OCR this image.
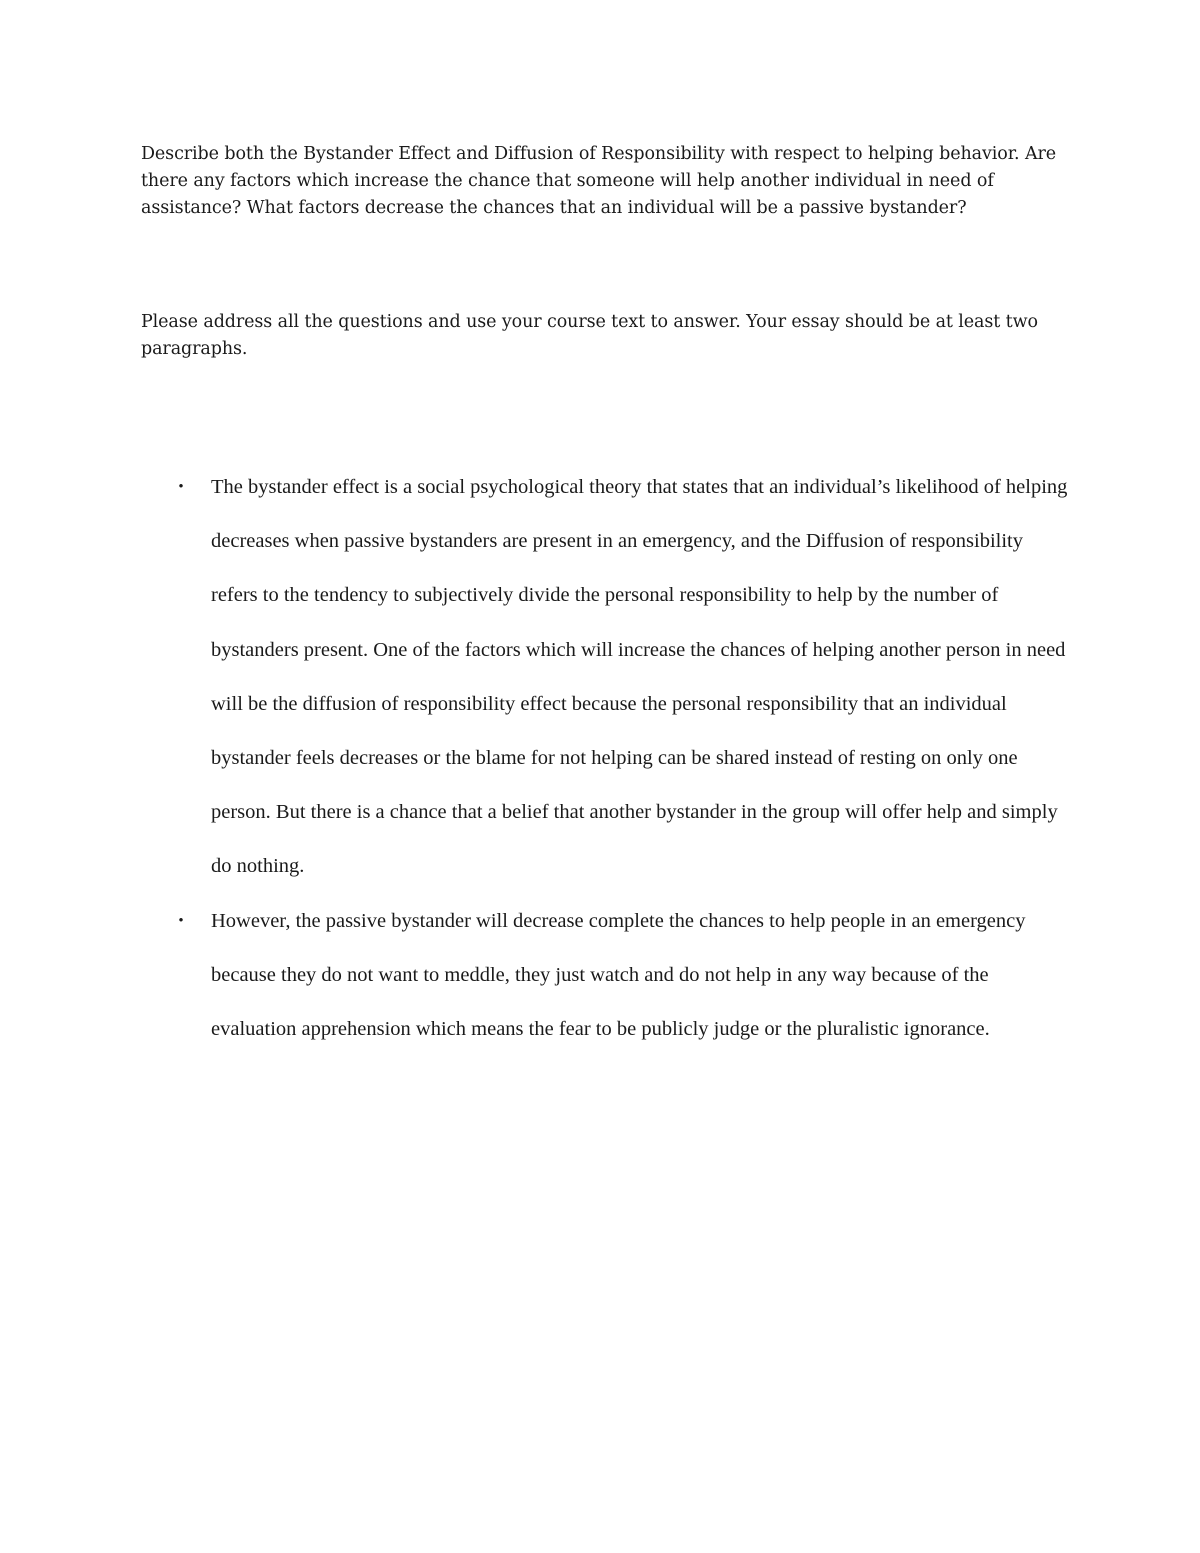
Describe both the Bystander Effect and Diffusion of Responsibility with respect to helping behavior. Are there any factors which increase the chance that someone will help another individual in need of assistance? What factors decrease the chances that an individual will be a passive bystander?

Please address all the questions and use your course text to answer. Your essay should be at least two paragraphs.

• The bystander effect is a social psychological theory that states that an individual’s likelihood of helping decreases when passive bystanders are present in an emergency, and the Diffusion of responsibility refers to the tendency to subjectively divide the personal responsibility to help by the number of bystanders present. One of the factors which will increase the chances of helping another person in need will be the diffusion of responsibility effect because the personal responsibility that an individual bystander feels decreases or the blame for not helping can be shared instead of resting on only one person. But there is a chance that a belief that another bystander in the group will offer help and simply do nothing.
• However, the passive bystander will decrease complete the chances to help people in an emergency because they do not want to meddle, they just watch and do not help in any way because of the evaluation apprehension which means the fear to be publicly judge or the pluralistic ignorance.
